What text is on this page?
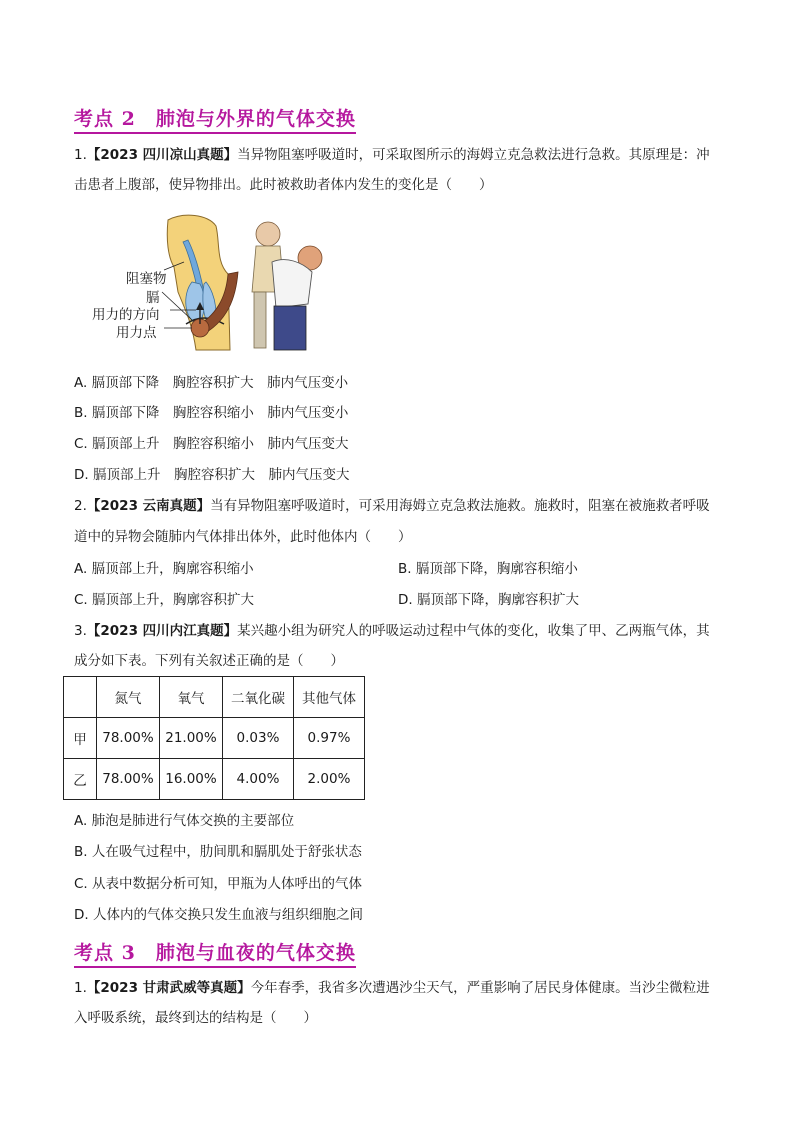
考点 2　肺泡与外界的气体交换
1.【2023 四川凉山真题】当异物阻塞呼吸道时，可采取图所示的海姆立克急救法进行急救。其原理是：冲
击患者上腹部，使异物排出。此时被救助者体内发生的变化是（　　）
阻塞物
膈
用力的方向
用力点
A. 膈顶部下降　胸腔容积扩大　肺内气压变小
B. 膈顶部下降　胸腔容积缩小　肺内气压变小
C. 膈顶部上升　胸腔容积缩小　肺内气压变大
D. 膈顶部上升　胸腔容积扩大　肺内气压变大
2.【2023 云南真题】当有异物阻塞呼吸道时，可采用海姆立克急救法施救。施救时，阻塞在被施救者呼吸
道中的异物会随肺内气体排出体外，此时他体内（　　）
A. 膈顶部上升，胸廓容积缩小	B. 膈顶部下降，胸廓容积缩小
C. 膈顶部上升，胸廓容积扩大	D. 膈顶部下降，胸廓容积扩大
3.【2023 四川内江真题】某兴趣小组为研究人的呼吸运动过程中气体的变化，收集了甲、乙两瓶气体，其
成分如下表。下列有关叙述正确的是（　　）
	氮气	氧气	二氧化碳	其他气体
甲	78.00%	21.00%	0.03%	0.97%
乙	78.00%	16.00%	4.00%	2.00%
A. 肺泡是肺进行气体交换的主要部位
B. 人在吸气过程中，肋间肌和膈肌处于舒张状态
C. 从表中数据分析可知，甲瓶为人体呼出的气体
D. 人体内的气体交换只发生血液与组织细胞之间
考点 3　肺泡与血夜的气体交换
1.【2023 甘肃武威等真题】今年春季，我省多次遭遇沙尘天气，严重影响了居民身体健康。当沙尘微粒进
入呼吸系统，最终到达的结构是（　　）
